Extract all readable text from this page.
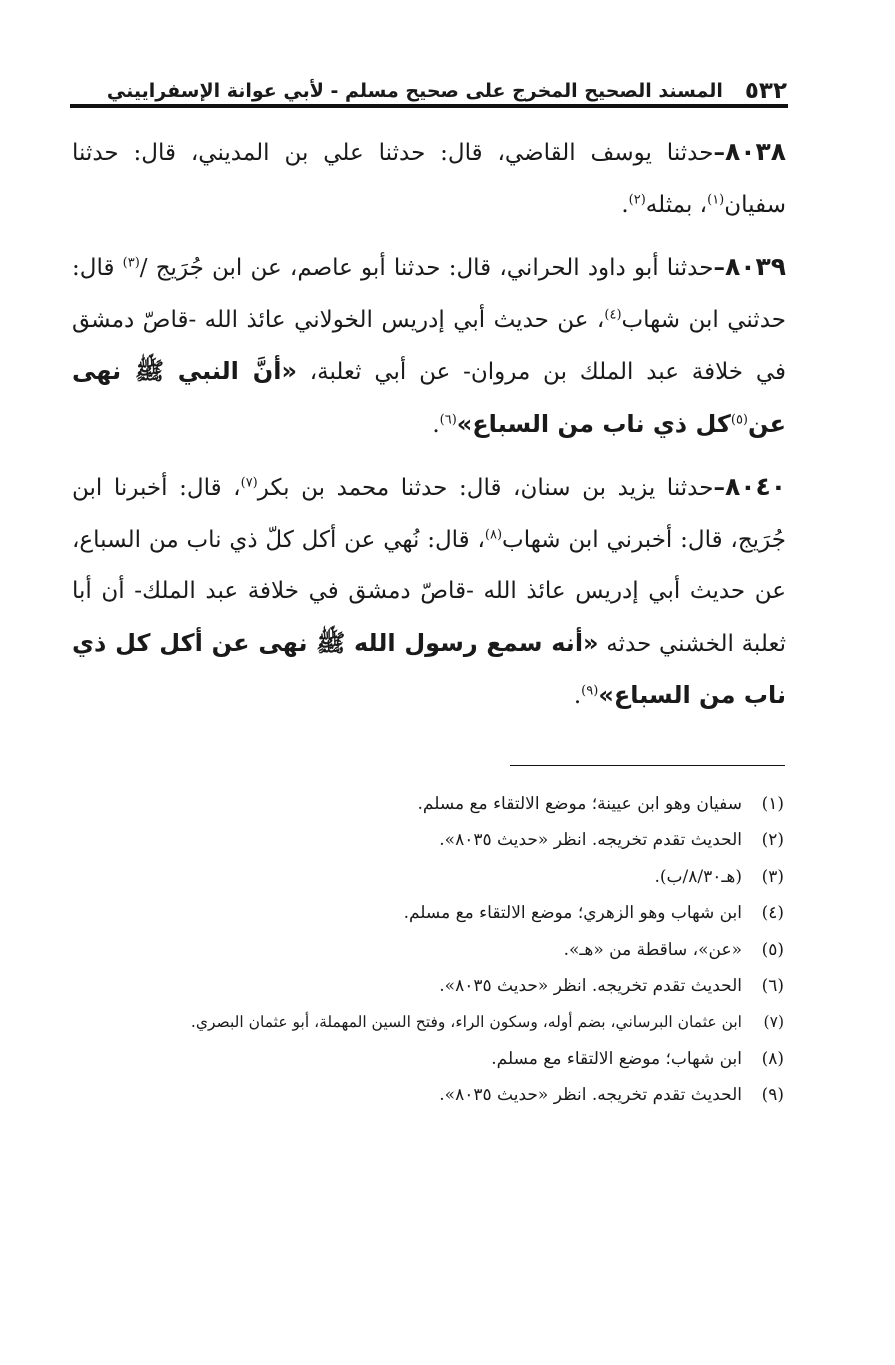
٥٣٢
المسند الصحيح المخرج على صحيح مسلم - لأبي عوانة الإسفراييني

٨٠٣٨–حدثنا يوسف القاضي، قال: حدثنا علي بن المديني، قال: حدثنا سفيان$^{(١)}$، بمثله$^{(٢)}$.

٨٠٣٩–حدثنا أبو داود الحراني، قال: حدثنا أبو عاصم، عن ابن جُرَيج /$^{(٣)}$ قال: حدثني ابن شهاب$^{(٤)}$، عن حديث أبي إدريس الخولاني عائذ الله -قاصّ دمشق في خلافة عبد الملك بن مروان- عن أبي ثعلبة، «أنَّ النبي ﷺ نهى عن$^{(٥)}$كل ذي ناب من السباع»$^{(٦)}$.

٨٠٤٠–حدثنا يزيد بن سنان، قال: حدثنا محمد بن بكر$^{(٧)}$، قال: أخبرنا ابن جُرَيج، قال: أخبرني ابن شهاب$^{(٨)}$، قال: نُهي عن أكل كلّ ذي ناب من السباع، عن حديث أبي إدريس عائذ الله -قاصّ دمشق في خلافة عبد الملك- أن أبا ثعلبة الخشني حدثه «أنه سمع رسول الله ﷺ نهى عن أكل كل ذي ناب من السباع»$^{(٩)}$.

(١)سفيان وهو ابن عيينة؛ موضع الالتقاء مع مسلم.
(٢)الحديث تقدم تخريجه. انظر «حديث ٨٠٣٥».
(٣)(هـ٨/٣٠/ب).
(٤)ابن شهاب وهو الزهري؛ موضع الالتقاء مع مسلم.
(٥)«عن»، ساقطة من «هـ».
(٦)الحديث تقدم تخريجه. انظر «حديث ٨٠٣٥».
(٧)ابن عثمان البرساني، بضم أوله، وسكون الراء، وفتح السين المهملة، أبو عثمان البصري.
(٨)ابن شهاب؛ موضع الالتقاء مع مسلم.
(٩)الحديث تقدم تخريجه. انظر «حديث ٨٠٣٥».
